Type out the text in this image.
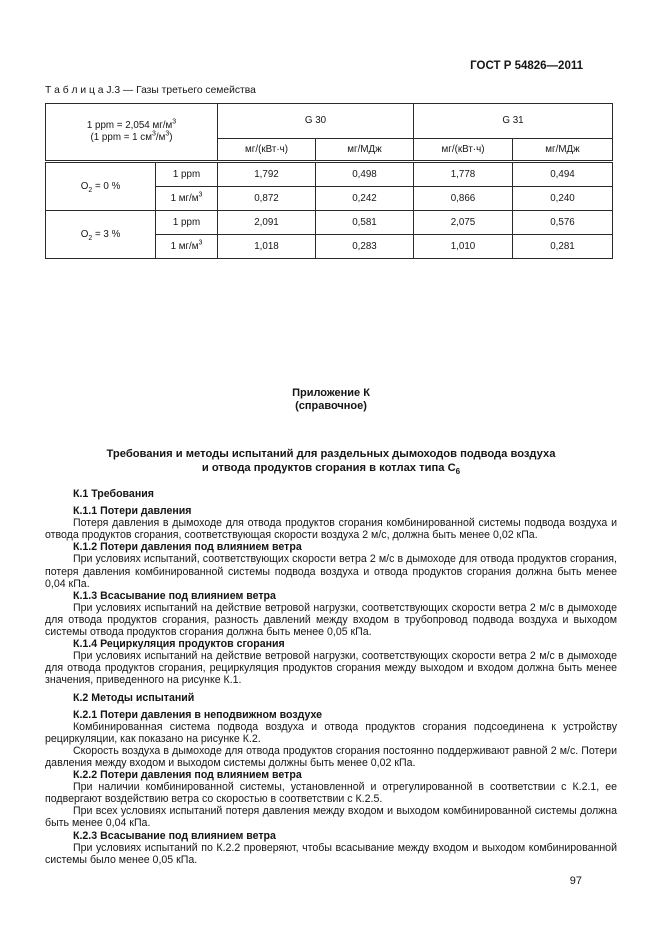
ГОСТ Р 54826—2011
Т а б л и ц а J.3 — Газы третьего семейства
1 ppm = 2,054 $мг/м^3$
(1 ppm = 1 $см^3/м^3$)		G 30		G 31	
		мг/(кВт·ч)	мг/МДж	мг/(кВт·ч)	мг/МДж
$О_2 = 0$ %	1 ppm	1,792	0,498	1,778	0,494
	1 $мг/м^3$	0,872	0,242	0,866	0,240
$О_2 = 3$ %	1 ppm	2,091	0,581	2,075	0,576
	1 $мг/м^3$	1,018	0,283	1,010	0,281
Приложение К
(справочное)
Требования и методы испытаний для раздельных дымоходов подвода воздуха
и отвода продуктов сгорания в котлах типа $С_6$

К.1 Требования

К.1.1 Потери давления

Потеря давления в дымоходе для отвода продуктов сгорания комбинированной системы подвода воздуха и отвода продуктов сгорания, соответствующая скорости воздуха 2 м/с, должна быть менее 0,02 кПа.

К.1.2 Потери давления под влиянием ветра

При условиях испытаний, соответствующих скорости ветра 2 м/с в дымоходе для отвода продуктов сгорания, потеря давления комбинированной системы подвода воздуха и отвода продуктов сгорания должна быть менее 0,04 кПа.

К.1.3 Всасывание под влиянием ветра

При условиях испытаний на действие ветровой нагрузки, соответствующих скорости ветра 2 м/с в дымоходе для отвода продуктов сгорания, разность давлений между входом в трубопровод подвода воздуха и выходом системы отвода продуктов сгорания должна быть менее 0,05 кПа.

К.1.4 Рециркуляция продуктов сгорания

При условиях испытаний на действие ветровой нагрузки, соответствующих скорости ветра 2 м/с в дымоходе для отвода продуктов сгорания, рециркуляция продуктов сгорания между выходом и входом должна быть менее значения, приведенного на рисунке К.1.

К.2 Методы испытаний

К.2.1 Потери давления в неподвижном воздухе

Комбинированная система подвода воздуха и отвода продуктов сгорания подсоединена к устройству рециркуляции, как показано на рисунке К.2.

Скорость воздуха в дымоходе для отвода продуктов сгорания постоянно поддерживают равной 2 м/с. Потери давления между входом и выходом системы должны быть менее 0,02 кПа.

К.2.2 Потери давления под влиянием ветра

При наличии комбинированной системы, установленной и отрегулированной в соответствии с К.2.1, ее подвергают воздействию ветра со скоростью в соответствии с К.2.5.

При всех условиях испытаний потеря давления между входом и выходом комбинированной системы должна быть менее 0,04 кПа.

К.2.3 Всасывание под влиянием ветра

При условиях испытаний по К.2.2 проверяют, чтобы всасывание между входом и выходом комбинированной системы было менее 0,05 кПа.

97
